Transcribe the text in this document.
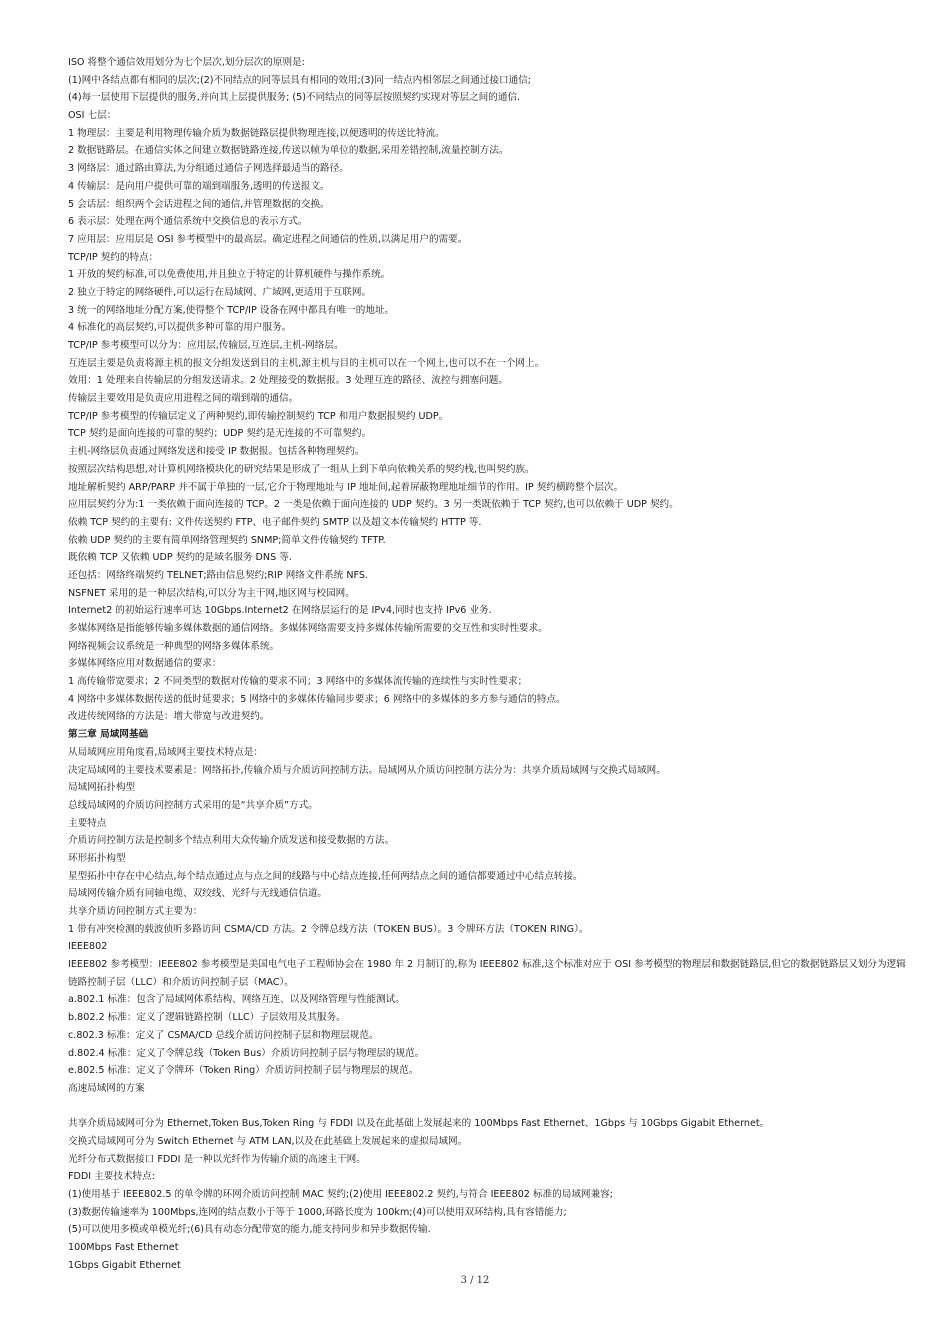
ISO 将整个通信效用划分为七个层次,划分层次的原则是:
(1)网中各结点都有相同的层次;(2)不同结点的同等层具有相同的效用;(3)同一结点内相邻层之间通过接口通信;
(4)每一层使用下层提供的服务,并向其上层提供服务; (5)不同结点的同等层按照契约实现对等层之间的通信.
OSI 七层：
1 物理层：主要是利用物理传输介质为数据链路层提供物理连接,以便透明的传送比特流。
2 数据链路层。在通信实体之间建立数据链路连接,传送以帧为单位的数据,采用差错控制,流量控制方法。
3 网络层：通过路由算法,为分组通过通信子网选择最适当的路径。
4 传输层：是向用户提供可靠的端到端服务,透明的传送报文。
5 会话层：组织两个会话进程之间的通信,并管理数据的交换。
6 表示层：处理在两个通信系统中交换信息的表示方式。
7 应用层：应用层是 OSI 参考模型中的最高层。确定进程之间通信的性质,以满足用户的需要。
TCP/IP 契约的特点：
1 开放的契约标准,可以免费使用,并且独立于特定的计算机硬件与操作系统。
2 独立于特定的网络硬件,可以运行在局域网、广域网,更适用于互联网。
3 统一的网络地址分配方案,使得整个 TCP/IP 设备在网中都具有唯一的地址。
4 标准化的高层契约,可以提供多种可靠的用户服务。
TCP/IP 参考模型可以分为：应用层,传输层,互连层,主机-网络层。
互连层主要是负责将源主机的报文分组发送到目的主机,源主机与目的主机可以在一个网上,也可以不在一个网上。
效用：1 处理来自传输层的分组发送请求。2 处理接受的数据报。3 处理互连的路径、流控与拥塞问题。
传输层主要效用是负责应用进程之间的端到端的通信。
TCP/IP 参考模型的传输层定义了两种契约,即传输控制契约 TCP 和用户数据报契约 UDP。
TCP 契约是面向连接的可靠的契约；UDP 契约是无连接的不可靠契约。
主机-网络层负责通过网络发送和接受 IP 数据报。包括各种物理契约。
按照层次结构思想,对计算机网络模块化的研究结果是形成了一组从上到下单向依赖关系的契约栈,也叫契约族。
地址解析契约 ARP/PARP 并不属于单独的一层,它介于物理地址与 IP 地址间,起着屏蔽物理地址细节的作用。IP 契约横跨整个层次。
应用层契约分为:1 一类依赖于面向连接的 TCP。2 一类是依赖于面向连接的 UDP 契约。3 另一类既依赖于 TCP 契约,也可以依赖于 UDP 契约。
依赖 TCP 契约的主要有: 文件传送契约 FTP、电子邮件契约 SMTP 以及超文本传输契约 HTTP 等.
依赖 UDP 契约的主要有简单网络管理契约 SNMP;简单文件传输契约 TFTP.
既依赖 TCP 又依赖 UDP 契约的是域名服务 DNS 等.
还包括：网络终端契约 TELNET;路由信息契约;RIP 网络文件系统 NFS.
NSFNET 采用的是一种层次结构,可以分为主干网,地区网与校园网。
Internet2 的初始运行速率可达 10Gbps.Internet2 在网络层运行的是 IPv4,同时也支持 IPv6 业务.
多媒体网络是指能够传输多媒体数据的通信网络。多媒体网络需要支持多媒体传输所需要的交互性和实时性要求。
网络视频会议系统是一种典型的网络多媒体系统。
多媒体网络应用对数据通信的要求：
1 高传输带宽要求；2 不同类型的数据对传输的要求不同；3 网络中的多媒体流传输的连续性与实时性要求；
4 网络中多媒体数据传送的低时延要求；5 网络中的多媒体传输同步要求；6 网络中的多媒体的多方参与通信的特点。
改进传统网络的方法是：增大带宽与改进契约。
第三章 局域网基础
从局域网应用角度看,局域网主要技术特点是：
决定局域网的主要技术要素是：网络拓扑,传输介质与介质访问控制方法。局域网从介质访问控制方法分为：共享介质局域网与交换式局域网。
局域网拓扑构型
总线局域网的介质访问控制方式采用的是“共享介质”方式。
主要特点
介质访问控制方法是控制多个结点利用大众传输介质发送和接受数据的方法。
环形拓扑构型
星型拓扑中存在中心结点,每个结点通过点与点之间的线路与中心结点连接,任何两结点之间的通信都要通过中心结点转接。
局域网传输介质有同轴电缆、双绞线、光纤与无线通信信道。
共享介质访问控制方式主要为：
1 带有冲突检测的载波侦听多路访问 CSMA/CD 方法。2 令牌总线方法（TOKEN BUS）。3 令牌环方法（TOKEN RING）。
IEEE802
IEEE802 参考模型：IEEE802 参考模型是美国电气电子工程师协会在 1980 年 2 月制订的,称为 IEEE802 标准,这个标准对应于 OSI 参考模型的物理层和数据链路层,但它的数据链路层又划分为逻辑链路控制子层（LLC）和介质访问控制子层（MAC）。
a.802.1 标准：包含了局域网体系结构、网络互连、以及网络管理与性能测试。
b.802.2 标准：定义了逻辑链路控制（LLC）子层效用及其服务。
c.802.3 标准：定义了 CSMA/CD 总线介质访问控制子层和物理层规范。
d.802.4 标准：定义了令牌总线（Token Bus）介质访问控制子层与物理层的规范。
e.802.5 标准：定义了令牌环（Token Ring）介质访问控制子层与物理层的规范。
高速局域网的方案
共享介质局域网可分为 Ethernet,Token Bus,Token Ring 与 FDDI 以及在此基础上发展起来的 100Mbps Fast Ethernet、1Gbps 与 10Gbps Gigabit Ethernet。
交换式局域网可分为 Switch Ethernet 与 ATM LAN,以及在此基础上发展起来的虚拟局域网。
光纤分布式数据接口 FDDI 是一种以光纤作为传输介质的高速主干网。
FDDI 主要技术特点:
(1)使用基于 IEEE802.5 的单令牌的环网介质访问控制 MAC 契约;(2)使用 IEEE802.2 契约,与符合 IEEE802 标准的局域网兼容;
(3)数据传输速率为 100Mbps,连网的结点数小于等于 1000,环路长度为 100km;(4)可以使用双环结构,具有容错能力;
(5)可以使用多模或单模光纤;(6)具有动态分配带宽的能力,能支持同步和异步数据传输.
100Mbps Fast Ethernet
1Gbps Gigabit Ethernet
3 / 12
